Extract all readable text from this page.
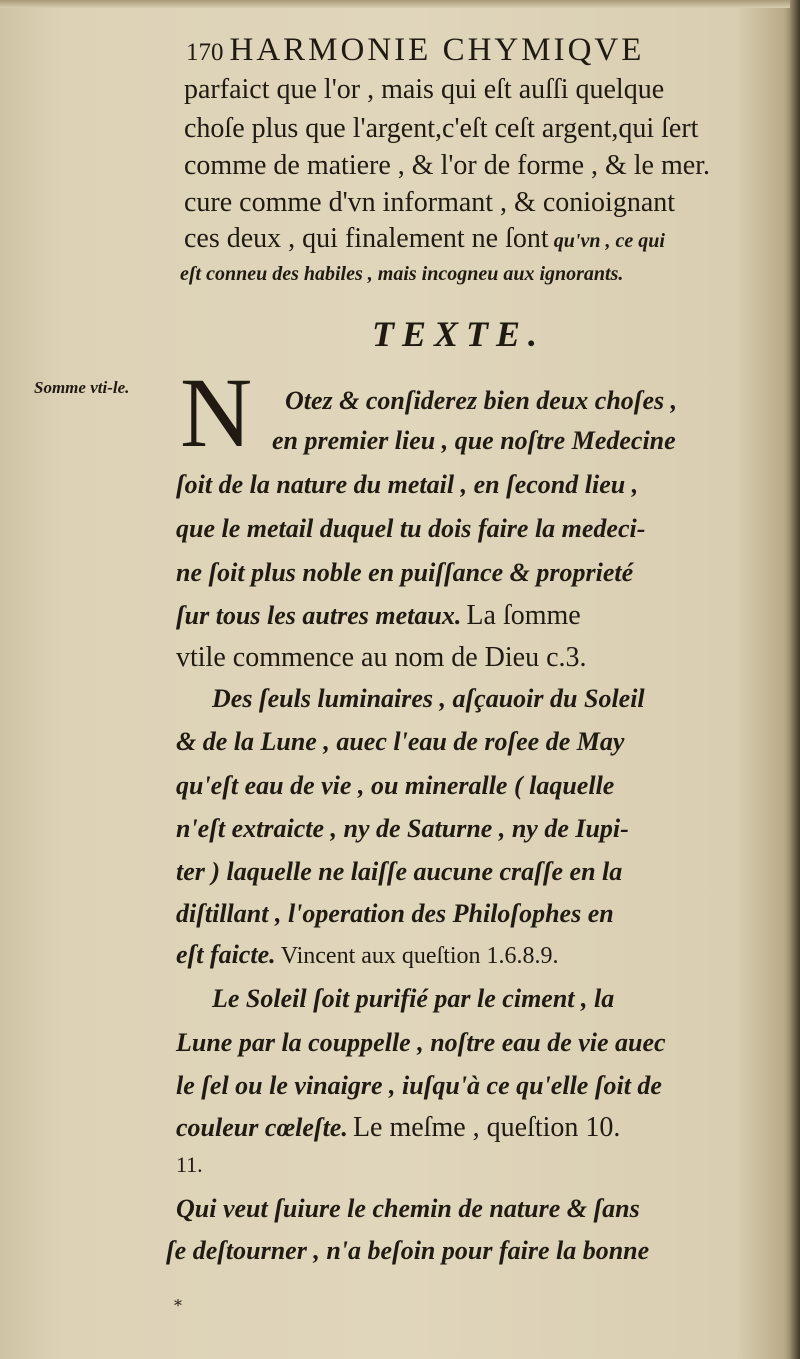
170 HARMONIE CHYMIQVE
parfaict que l'or , mais qui eſt auſſi quelque
choſe plus que l'argent,c'eſt ceſt argent,qui ſert
comme de matiere , & l'or de forme , & le mer.
cure comme d'vn informant , & conioignant
ces deux , qui finalement ne ſont qu'vn , ce qui
eſt conneu des habiles , mais incogneu aux ignorants.
TEXTE.
Somme vti-le. N Otez & conſiderez bien deux choſes ,
en premier lieu , que noſtre Medecine
ſoit de la nature du metail , en ſecond lieu ,
que le metail duquel tu dois faire la medeci-
ne ſoit plus noble en puiſſance & proprieté
ſur tous les autres metaux. La ſomme
vtile commence au nom de Dieu c.3.
Des ſeuls luminaires , aſçauoir du Soleil
& de la Lune , auec l'eau de roſee de May
qu'eſt eau de vie , ou mineralle ( laquelle
n'eſt extraicte , ny de Saturne , ny de Iupi-
ter ) laquelle ne laiſſe aucune craſſe en la
diſtillant , l'operation des Philoſophes en
eſt faicte. Vincent aux queſtion 1.6.8.9.
Le Soleil ſoit purifié par le ciment , la
Lune par la couppelle , noſtre eau de vie auec
le ſel ou le vinaigre , iuſqu'à ce qu'elle ſoit de
couleur cœleſte. Le meſme , queſtion 10.
11.
Qui veut ſuiure le chemin de nature & ſans
ſe deſtourner , n'a beſoin pour faire la bonne
*
